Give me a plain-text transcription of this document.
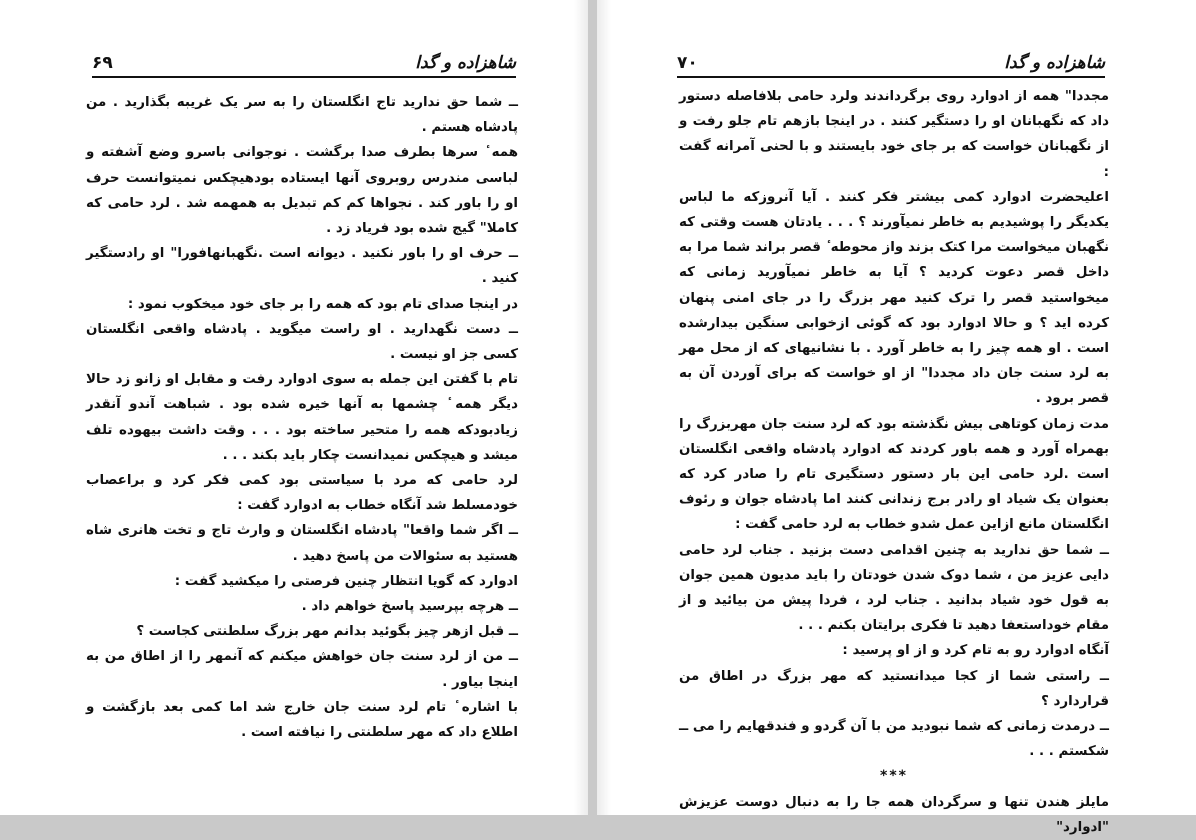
شاهزاده و گدا
۶۹

ــ شما حق ندارید تاج انگلستان را به سر یک غریبه بگذارید . من پادشاه هستم .

همه ٔ سرها بطرف صدا برگشت . نوجوانی باسرو وضع آشفته و لباسی مندرس روبروی آنها ایستاده بودهیچکس نمیتوانست حرف او را باور کند . نجواها کم کم تبدیل به همهمه شد . لرد حامی که کاملا" گیج شده بود فریاد زد .

ــ حرف او را باور نکنید . دیوانه است .نگهبانهافورا" او رادستگیر کنید .

در اینجا صدای تام بود که همه را بر جای خود میخکوب نمود :

ــ دست نگهدارید . او راست میگوید . پادشاه واقعی انگلستان کسی جز او نیست .

تام با گفتن این جمله به سوی ادوارد رفت و مقابل او زانو زد حالا دیگر همه ٔ چشمها به آنها خیره شده بود . شباهت آندو آنقدر زیادبودکه همه را متحیر ساخته بود . . . وقت داشت بیهوده تلف میشد و هیچکس نمیدانست چکار باید بکند . . .

لرد حامی که مرد با سیاستی بود کمی فکر کرد و براعصاب خودمسلط شد آنگاه خطاب به ادوارد گفت :

ــ اگر شما واقعا" پادشاه انگلستان و وارث تاج و تخت هانری شاه هستید به سئوالات من پاسخ دهید .

ادوارد که گویا انتظار چنین فرصتی را میکشید گفت :

ــ هرچه بپرسید پاسخ خواهم داد .

ــ قبل ازهر چیز بگوئید بدانم مهر بزرگ سلطنتی کجاست ؟

ــ من از لرد سنت جان خواهش میکنم که آنمهر را از اطاق من به اینجا بیاور .

با اشاره ٔ تام لرد سنت جان خارج شد اما کمی بعد بازگشت و اطلاع داد که مهر سلطنتی را نیافته است .

شاهزاده و گدا
۷۰

مجددا" همه از ادوارد روی برگرداندند ولرد حامی بلافاصله دستور داد که نگهبانان او را دستگیر کنند . در اینجا بازهم تام جلو رفت و از نگهبانان خواست که بر جای خود بایستند و با لحنی آمرانه گفت :

اعلیحضرت ادوارد کمی بیشتر فکر کنند . آیا آنروزکه ما لباس یکدیگر را پوشیدیم به خاطر نمیآورند ؟ . . . یادتان هست وقتی که نگهبان میخواست مرا کتک بزند واز محوطه ٔ قصر براند شما مرا به داخل قصر دعوت کردید ؟ آیا به خاطر نمیآورید زمانی که میخواستید قصر را ترک کنید مهر بزرگ را در جای امنی پنهان کرده اید ؟ و حالا ادوارد بود که گوئی ازخوابی سنگین بیدارشده است . او همه چیز را به خاطر آورد . با نشانیهای که از محل مهر به لرد سنت جان داد مجددا" از او خواست که برای آوردن آن به قصر برود .

مدت زمان کوتاهی بیش نگذشته بود که لرد سنت جان مهربزرگ را بهمراه آورد و همه باور کردند که ادوارد پادشاه واقعی انگلستان است .لرد حامی این بار دستور دستگیری تام را صادر کرد که بعنوان یک شیاد او رادر برج زندانی کنند اما پادشاه جوان و رئوف انگلستان مانع ازاین عمل شدو خطاب به لرد حامی گفت :

ــ شما حق ندارید به چنین اقدامی دست بزنید . جناب لرد حامی دایی عزیز من ، شما دوک شدن خودتان را باید مدیون همین جوان به قول خود شیاد بدانید . جناب لرد ، فردا پیش من بیائید و از مقام خوداستعفا دهید تا فکری برایتان بکنم . . .

آنگاه ادوارد رو به تام کرد و از او پرسید :

ــ راستی شما از کجا میدانستید که مهر بزرگ در اطاق من قراردارد ؟

ــ درمدت زمانی که شما نبودید من با آن گردو و فندقهایم را می ــ شکستم . . .

***

مایلز هندن تنها و سرگردان همه جا را به دنبال دوست عزیزش "ادوارد"
